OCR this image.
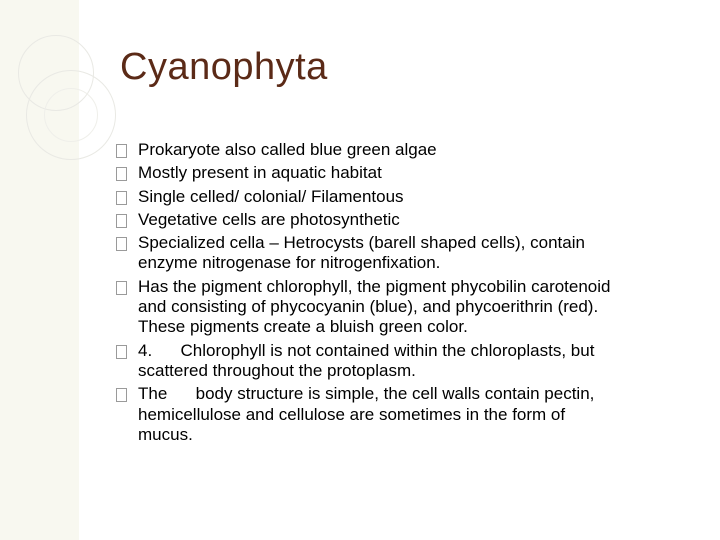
Cyanophyta
Prokaryote also called blue green algae
Mostly present in aquatic habitat
Single celled/ colonial/ Filamentous
Vegetative cells are photosynthetic
Specialized cella – Hetrocysts (barell shaped cells), contain enzyme nitrogenase for nitrogenfixation.
Has the pigment chlorophyll, the pigment phycobilin carotenoid and consisting of phycocyanin (blue), and phycoerithrin (red). These pigments create a bluish green color.
4.      Chlorophyll is not contained within the chloroplasts, but scattered throughout the protoplasm.
The      body structure is simple, the cell walls contain pectin, hemicellulose and cellulose are sometimes in the form of mucus.
